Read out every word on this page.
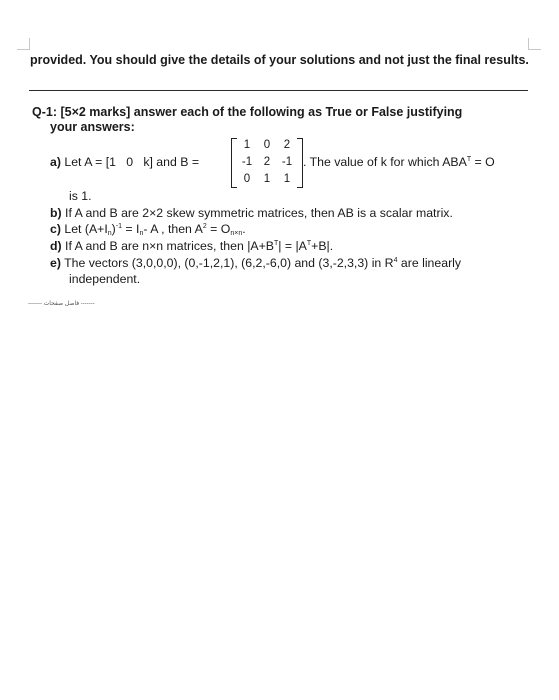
provided. You should give the details of your solutions and not just the final results.
Q-1: [5×2 marks] answer each of the following as True or False justifying
your answers:
a) Let A = [1   0   k] and B =
1	0	2
-1	2	-1
0	1	1
. The value of k for which $ABA^T = O$
is 1.
b) If A and B are 2×2 skew symmetric matrices, then AB is a scalar matrix.
c) Let $(A+I_n)^{-1} = I_n-$ A , then $A^2 = O_{n\times n}$.
d) If A and B are n×n matrices, then $|A+B^T| = |A^T+B|$.
e) The vectors (3,0,0,0), (0,-1,2,1), (6,2,-6,0) and (3,-2,3,3) in $R^4$ are linearly
independent.
------- فاصل صفحات -------
